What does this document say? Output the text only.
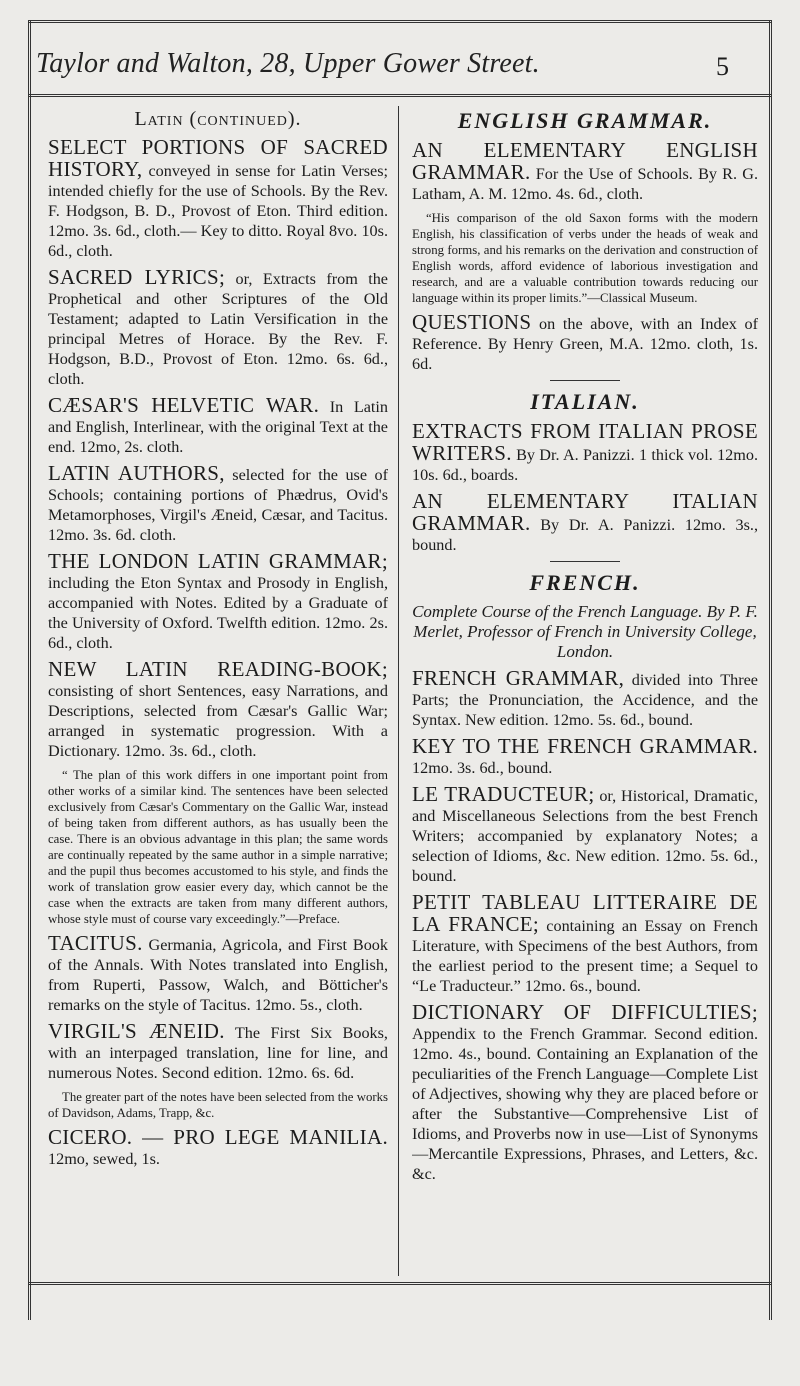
Taylor and Walton, 28, Upper Gower Street.	5
Latin (continued).
SELECT PORTIONS OF SACRED HISTORY, conveyed in sense for Latin Verses; intended chiefly for the use of Schools. By the Rev. F. Hodgson, B. D., Provost of Eton. Third edition. 12mo. 3s. 6d., cloth.— Key to ditto. Royal 8vo. 10s. 6d., cloth.
SACRED LYRICS; or, Extracts from the Prophetical and other Scriptures of the Old Testament; adapted to Latin Versification in the principal Metres of Horace. By the Rev. F. Hodgson, B.D., Provost of Eton. 12mo. 6s. 6d., cloth.
CÆSAR'S HELVETIC WAR. In Latin and English, Interlinear, with the original Text at the end. 12mo, 2s. cloth.
LATIN AUTHORS, selected for the use of Schools; containing portions of Phædrus, Ovid's Metamorphoses, Virgil's Æneid, Cæsar, and Tacitus. 12mo. 3s. 6d. cloth.
THE LONDON LATIN GRAMMAR; including the Eton Syntax and Prosody in English, accompanied with Notes. Edited by a Graduate of the University of Oxford. Twelfth edition. 12mo. 2s. 6d., cloth.
NEW LATIN READING-BOOK; consisting of short Sentences, easy Narrations, and Descriptions, selected from Cæsar's Gallic War; arranged in systematic progression. With a Dictionary. 12mo. 3s. 6d., cloth.
“ The plan of this work differs in one important point from other works of a similar kind. The sentences have been selected exclusively from Cæsar's Commentary on the Gallic War, instead of being taken from different authors, as has usually been the case. There is an obvious advantage in this plan; the same words are continually repeated by the same author in a simple narrative; and the pupil thus becomes accustomed to his style, and finds the work of translation grow easier every day, which cannot be the case when the extracts are taken from many different authors, whose style must of course vary exceedingly.”—Preface.
TACITUS. Germania, Agricola, and First Book of the Annals. With Notes translated into English, from Ruperti, Passow, Walch, and Bötticher's remarks on the style of Tacitus. 12mo. 5s., cloth.
VIRGIL'S ÆNEID. The First Six Books, with an interpaged translation, line for line, and numerous Notes. Second edition. 12mo. 6s. 6d.
The greater part of the notes have been selected from the works of Davidson, Adams, Trapp, &c.
CICERO. — PRO LEGE MANILIA. 12mo, sewed, 1s.
ENGLISH GRAMMAR.
AN ELEMENTARY ENGLISH GRAMMAR. For the Use of Schools. By R. G. Latham, A. M. 12mo. 4s. 6d., cloth.
“His comparison of the old Saxon forms with the modern English, his classification of verbs under the heads of weak and strong forms, and his remarks on the derivation and construction of English words, afford evidence of laborious investigation and research, and are a valuable contribution towards reducing our language within its proper limits.”—Classical Museum.
QUESTIONS on the above, with an Index of Reference. By Henry Green, M.A. 12mo. cloth, 1s. 6d.
ITALIAN.
EXTRACTS FROM ITALIAN PROSE WRITERS. By Dr. A. Panizzi. 1 thick vol. 12mo. 10s. 6d., boards.
AN ELEMENTARY ITALIAN GRAMMAR. By Dr. A. Panizzi. 12mo. 3s., bound.
FRENCH.
Complete Course of the French Language. By P. F. Merlet, Professor of French in University College, London.
FRENCH GRAMMAR, divided into Three Parts; the Pronunciation, the Accidence, and the Syntax. New edition. 12mo. 5s. 6d., bound.
KEY TO THE FRENCH GRAMMAR. 12mo. 3s. 6d., bound.
LE TRADUCTEUR; or, Historical, Dramatic, and Miscellaneous Selections from the best French Writers; accompanied by explanatory Notes; a selection of Idioms, &c. New edition. 12mo. 5s. 6d., bound.
PETIT TABLEAU LITTERAIRE DE LA FRANCE; containing an Essay on French Literature, with Specimens of the best Authors, from the earliest period to the present time; a Sequel to “Le Traducteur.” 12mo. 6s., bound.
DICTIONARY OF DIFFICULTIES; Appendix to the French Grammar. Second edition. 12mo. 4s., bound. Containing an Explanation of the peculiarities of the French Language—Complete List of Adjectives, showing why they are placed before or after the Substantive—Comprehensive List of Idioms, and Proverbs now in use—List of Synonyms—Mercantile Expressions, Phrases, and Letters, &c. &c.
